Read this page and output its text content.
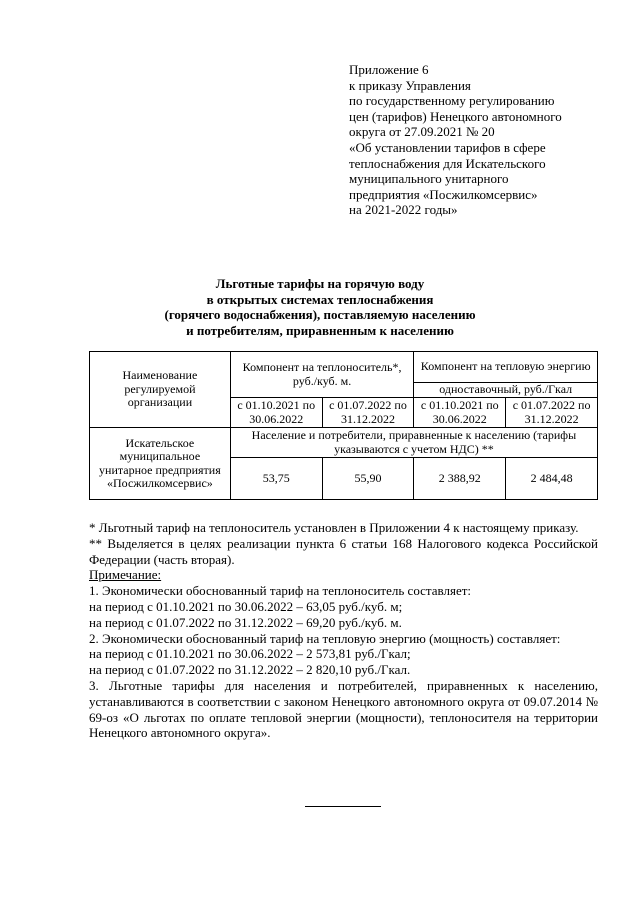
Приложение 6
к приказу Управления
по государственному регулированию
цен (тарифов) Ненецкого автономного
округа от 27.09.2021 № 20
«Об установлении тарифов в сфере
теплоснабжения для Искательского
муниципального унитарного
предприятия «Посжилкомсервис»
на 2021-2022 годы»
Льготные тарифы на горячую воду
в открытых системах теплоснабжения
(горячего водоснабжения), поставляемую населению
и потребителям, приравненным к населению
Наименование регулируемой организации	Компонент на теплоноситель*, руб./куб. м.		Компонент на тепловую энергию	
			одноставочный, руб./Гкал	
	с 01.10.2021 по 30.06.2022	с 01.07.2022 по 31.12.2022	с 01.10.2021 по 30.06.2022	с 01.07.2022 по 31.12.2022
Искательское муниципальное унитарное предприятия «Посжилкомсервис»	Население и потребители, приравненные к населению (тарифы указываются с учетом НДС) **			
	53,75	55,90	2 388,92	2 484,48

* Льготный тариф на теплоноситель установлен в Приложении 4 к настоящему приказу.

** Выделяется в целях реализации пункта 6 статьи 168 Налогового кодекса Российской Федерации (часть вторая).

Примечание:

1. Экономически обоснованный тариф на теплоноситель составляет:

на период с 01.10.2021 по 30.06.2022 – 63,05 руб./куб. м;

на период с 01.07.2022 по 31.12.2022 – 69,20 руб./куб. м.

2. Экономически обоснованный тариф на тепловую энергию (мощность) составляет:

на период с 01.10.2021 по 30.06.2022 – 2 573,81 руб./Гкал;

на период с 01.07.2022 по 31.12.2022 – 2 820,10 руб./Гкал.

3. Льготные тарифы для населения и потребителей, приравненных к населению, устанавливаются в соответствии с законом Ненецкого автономного округа от 09.07.2014 № 69-оз «О льготах по оплате тепловой энергии (мощности), теплоносителя на территории Ненецкого автономного округа».
